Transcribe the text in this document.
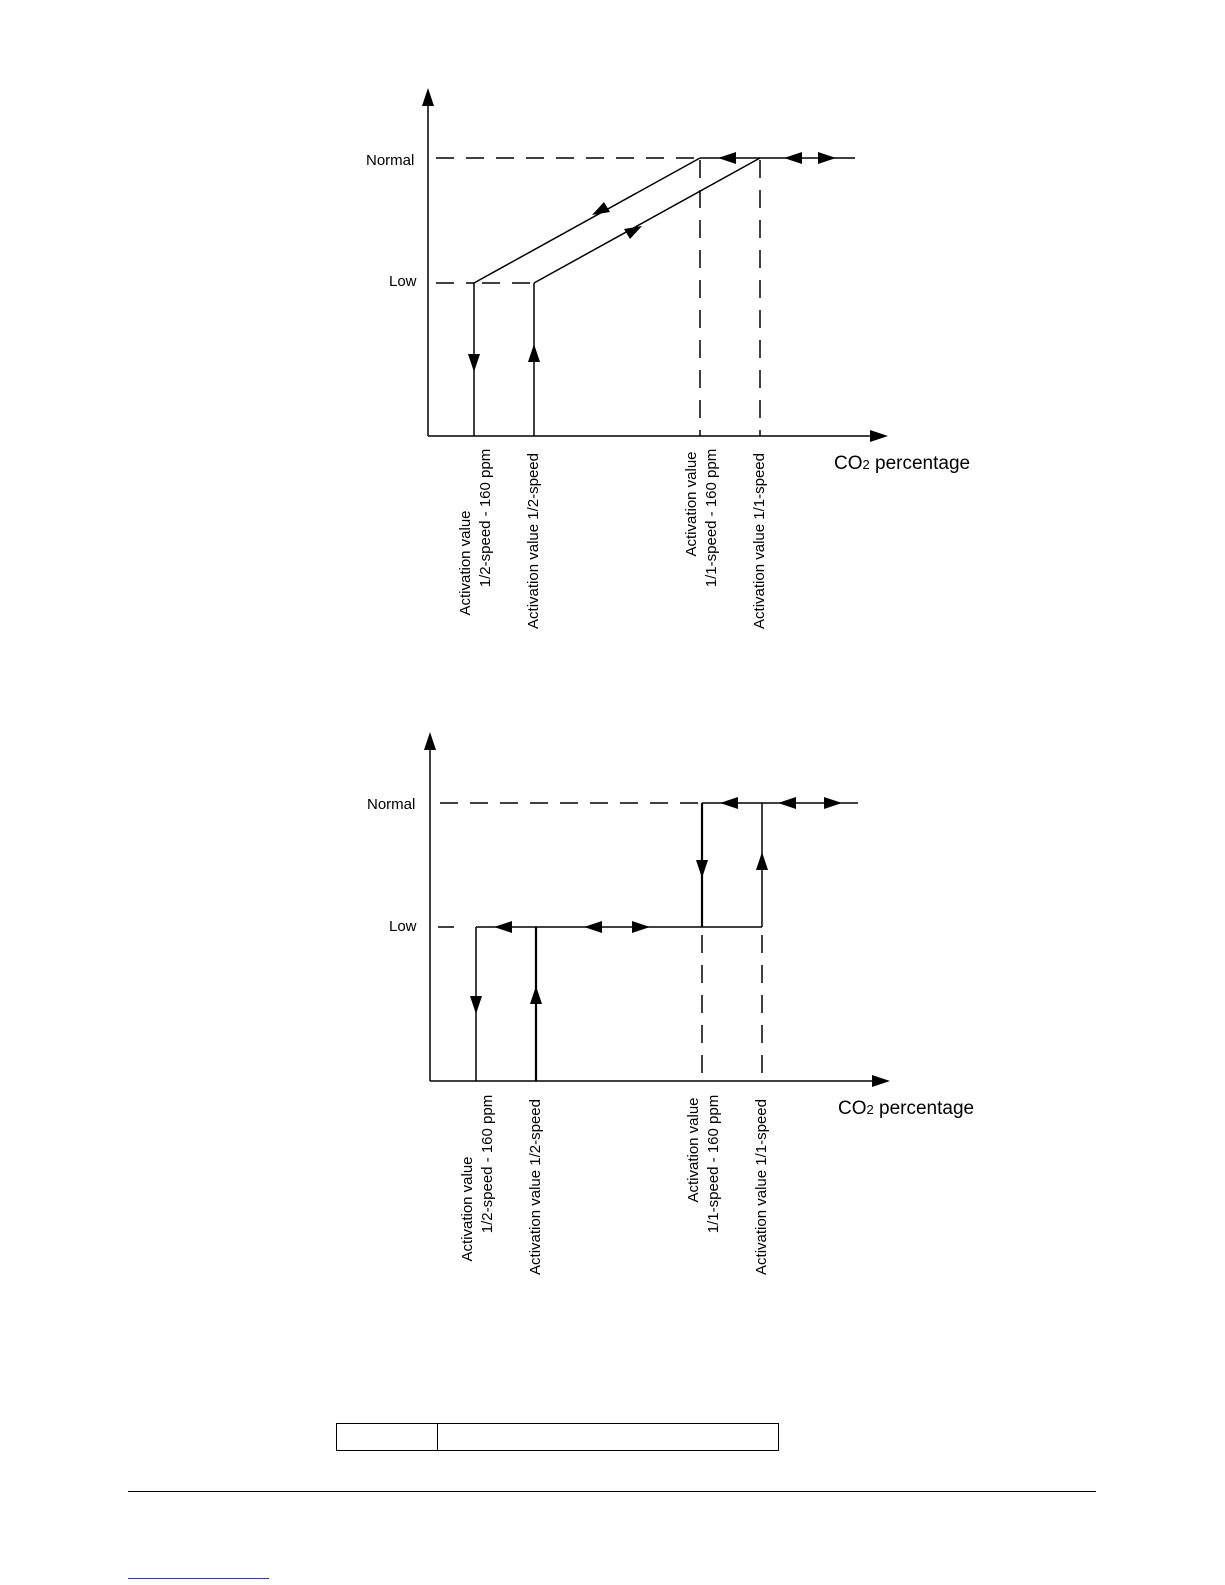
Normal
Low
CO2 percentage
Activation value 1/2-speed - 160 ppm Activation value 1/2-speed	Activation value 1/1-speed - 160 ppm Activation value 1/1-speed
Normal
Low
CO2 percentage
Activation value 1/2-speed - 160 ppm Activation value 1/2-speed	Activation value 1/1-speed - 160 ppm Activation value 1/1-speed
